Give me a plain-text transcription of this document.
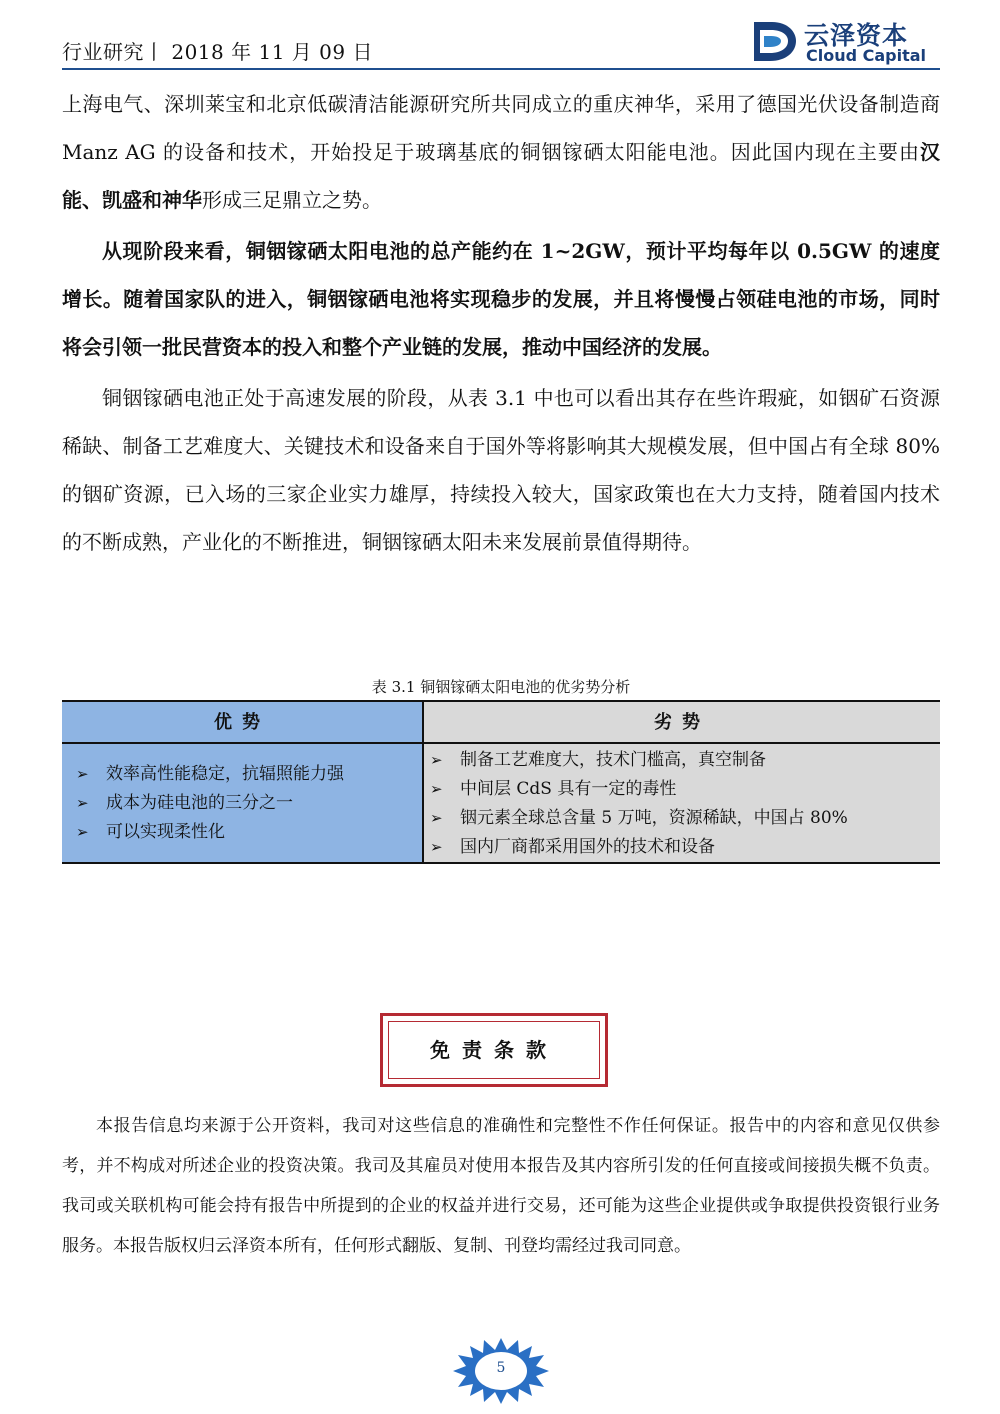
行业研究丨 2018 年 11 月 09 日
云泽资本
Cloud Capital

上海电气、深圳莱宝和北京低碳清洁能源研究所共同成立的重庆神华，采用了德国光伏设备制造商 Manz AG 的设备和技术，开始投足于玻璃基底的铜铟镓硒太阳能电池。因此国内现在主要由汉能、凯盛和神华形成三足鼎立之势。

从现阶段来看，铜铟镓硒太阳电池的总产能约在 1~2GW，预计平均每年以 0.5GW 的速度增长。随着国家队的进入，铜铟镓硒电池将实现稳步的发展，并且将慢慢占领硅电池的市场，同时将会引领一批民营资本的投入和整个产业链的发展，推动中国经济的发展。

铜铟镓硒电池正处于高速发展的阶段，从表 3.1 中也可以看出其存在些许瑕疵，如铟矿石资源稀缺、制备工艺难度大、关键技术和设备来自于国外等将影响其大规模发展，但中国占有全球 80%的铟矿资源，已入场的三家企业实力雄厚，持续投入较大，国家政策也在大力支持，随着国内技术的不断成熟，产业化的不断推进，铜铟镓硒太阳未来发展前景值得期待。

表 3.1 铜铟镓硒太阳电池的优劣势分析
优势	劣势
➢ 效率高性能稳定，抗辐照能力强
➢ 成本为硅电池的三分之一
➢ 可以实现柔性化
➢ 制备工艺难度大，技术门槛高，真空制备
➢ 中间层 CdS 具有一定的毒性
➢ 铟元素全球总含量 5 万吨，资源稀缺，中国占 80%
➢ 国内厂商都采用国外的技术和设备
免责条款

本报告信息均来源于公开资料，我司对这些信息的准确性和完整性不作任何保证。报告中的内容和意见仅供参考，并不构成对所述企业的投资决策。我司及其雇员对使用本报告及其内容所引发的任何直接或间接损失概不负责。我司或关联机构可能会持有报告中所提到的企业的权益并进行交易，还可能为这些企业提供或争取提供投资银行业务服务。本报告版权归云泽资本所有，任何形式翻版、复制、刊登均需经过我司同意。

5
